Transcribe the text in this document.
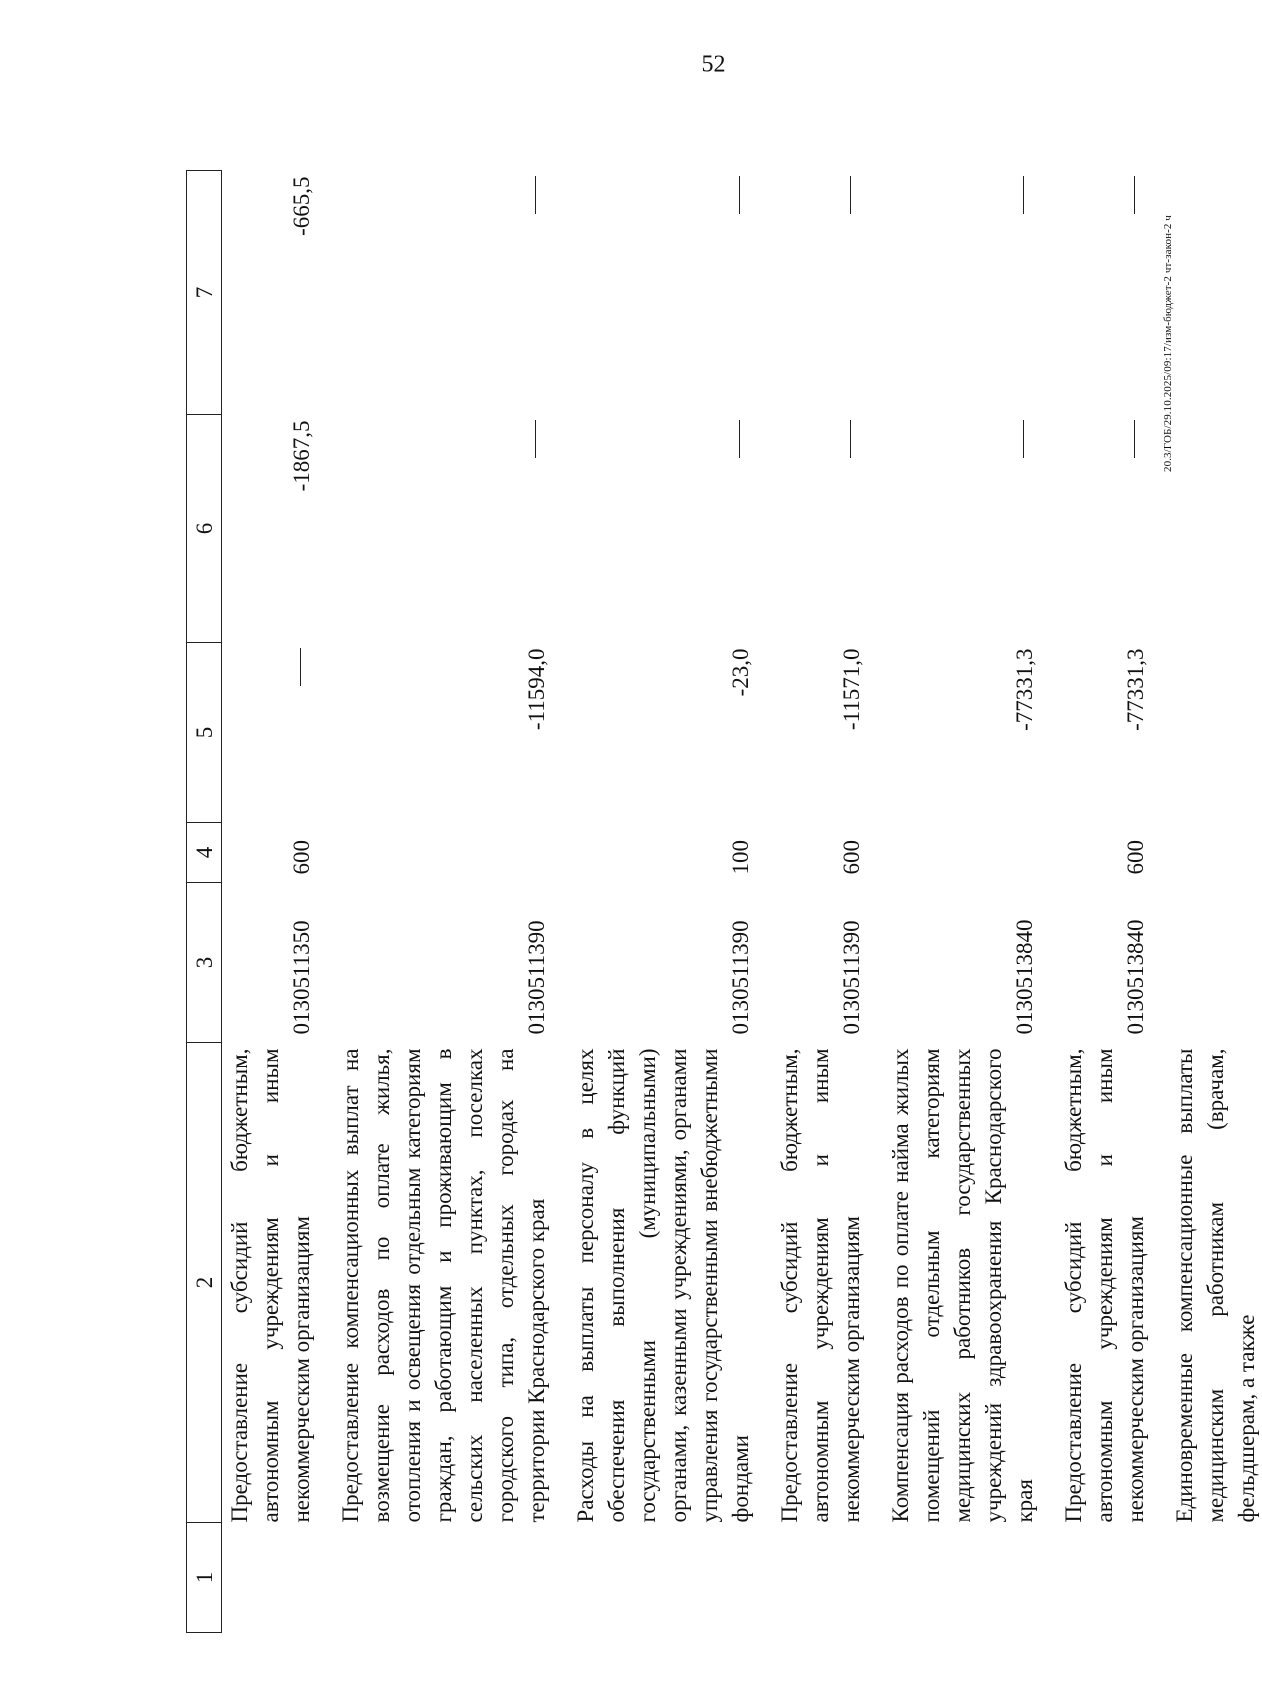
52
1	2	3	4	5	6	7
	Предоставление субсидий бюджетным, автономным учреждениям и иным некоммерческим организациям	0130511350	600		-1867,5	-665,5
	Предоставление компенсационных выплат на возмещение расходов по оплате жилья, отопления и освещения отдельным категориям граждан, работающим и проживающим в сельских населенных пунктах, поселках городского типа, отдельных городах на территории Краснодарского края	0130511390		-11594,0		
	Расходы на выплаты персоналу в целях обеспечения выполнения функций государственными (муниципальными) органами, казенными учреждениями, органами управления государственными внебюджетными фондами	0130511390	100	-23,0		
	Предоставление субсидий бюджетным, автономным учреждениям и иным некоммерческим организациям	0130511390	600	-11571,0		
	Компенсация расходов по оплате найма жилых помещений отдельным категориям медицинских работников государственных учреждений здравоохранения Краснодарского края	0130513840		-77331,3		
	Предоставление субсидий бюджетным, автономным учреждениям и иным некоммерческим организациям	0130513840	600	-77331,3		
	Единовременные компенсационные выплаты медицинским работникам (врачам, фельдшерам, а также					
20.3/ГОБ/29.10.2025/09:17/изм-бюджет-2 чт-закон-2 ч
